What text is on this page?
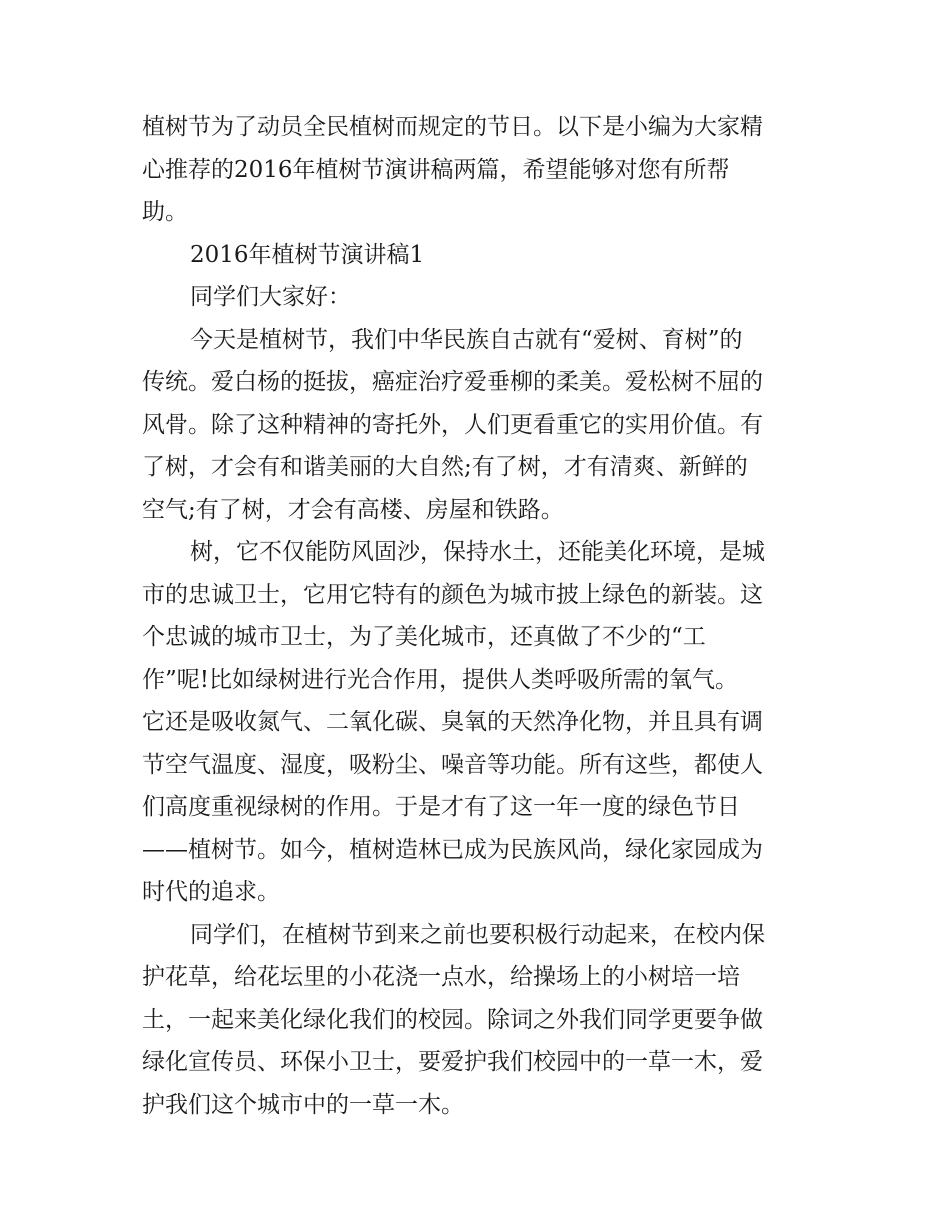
植树节为了动员全民植树而规定的节日。以下是小编为大家精
心推荐的2016年植树节演讲稿两篇，希望能够对您有所帮
助。
2016年植树节演讲稿1
同学们大家好：
今天是植树节，我们中华民族自古就有“爱树、育树”的
传统。爱白杨的挺拔，癌症治疗爱垂柳的柔美。爱松树不屈的
风骨。除了这种精神的寄托外，人们更看重它的实用价值。有
了树，才会有和谐美丽的大自然;有了树，才有清爽、新鲜的
空气;有了树，才会有高楼、房屋和铁路。
树，它不仅能防风固沙，保持水土，还能美化环境，是城
市的忠诚卫士，它用它特有的颜色为城市披上绿色的新装。这
个忠诚的城市卫士，为了美化城市，还真做了不少的“工
作”呢!比如绿树进行光合作用，提供人类呼吸所需的氧气。
它还是吸收氮气、二氧化碳、臭氧的天然净化物，并且具有调
节空气温度、湿度，吸粉尘、噪音等功能。所有这些，都使人
们高度重视绿树的作用。于是才有了这一年一度的绿色节日
——植树节。如今，植树造林已成为民族风尚，绿化家园成为
时代的追求。
同学们，在植树节到来之前也要积极行动起来，在校内保
护花草，给花坛里的小花浇一点水，给操场上的小树培一培
土，一起来美化绿化我们的校园。除词之外我们同学更要争做
绿化宣传员、环保小卫士，要爱护我们校园中的一草一木，爱
护我们这个城市中的一草一木。
